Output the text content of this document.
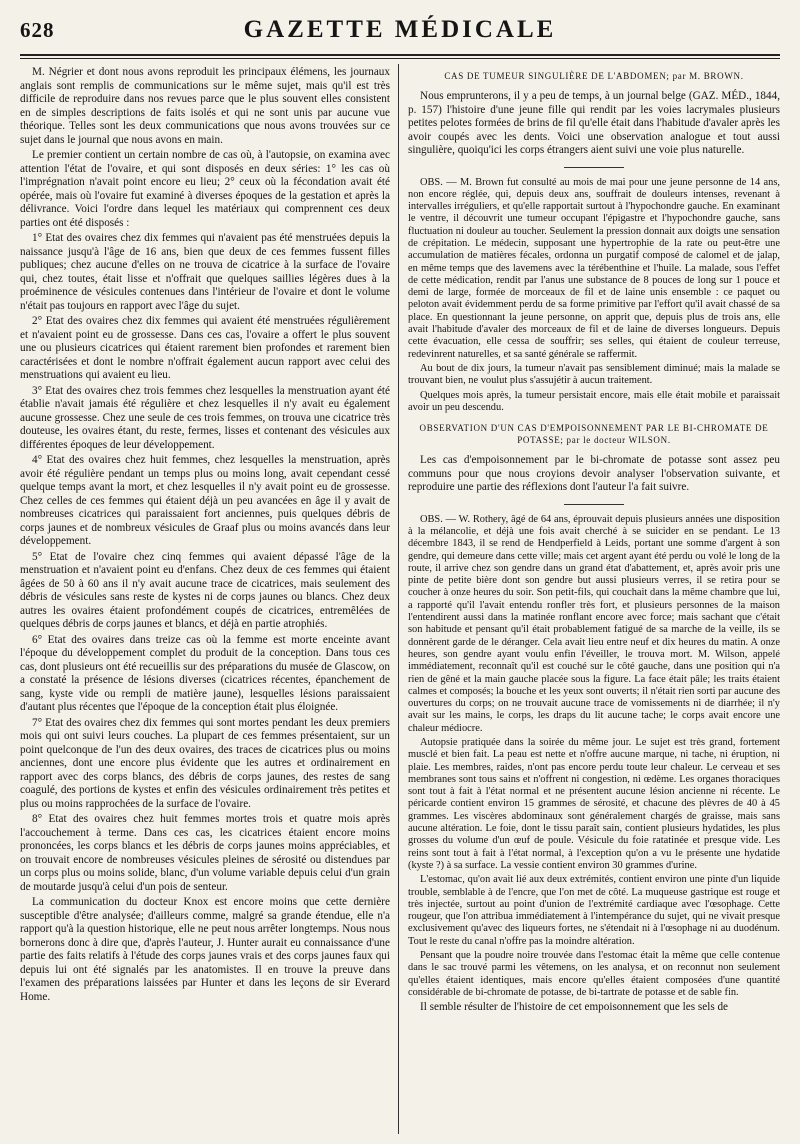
628	GAZETTE MÉDICALE

M. Négrier et dont nous avons reproduit les principaux élémens, les journaux anglais sont remplis de communications sur le même sujet, mais qu'il est très difficile de reproduire dans nos revues parce que le plus souvent elles consistent en de simples descriptions de faits isolés et qui ne sont unis par aucune vue théorique. Telles sont les deux communications que nous avons trouvées sur ce sujet dans le journal que nous avons en main.

Le premier contient un certain nombre de cas où, à l'autopsie, on examina avec attention l'état de l'ovaire, et qui sont disposés en deux séries: 1° les cas où l'imprégnation n'avait point encore eu lieu; 2° ceux où la fécondation avait été opérée, mais où l'ovaire fut examiné à diverses époques de la gestation et après la délivrance. Voici l'ordre dans lequel les matériaux qui comprennent ces deux parties ont été disposés :

1° Etat des ovaires chez dix femmes qui n'avaient pas été menstruées depuis la naissance jusqu'à l'âge de 16 ans, bien que deux de ces femmes fussent filles publiques; chez aucune d'elles on ne trouva de cicatrice à la surface de l'ovaire qui, chez toutes, était lisse et n'offrait que quelques saillies légères dues à la proéminence de vésicules contenues dans l'intérieur de l'ovaire et dont le volume n'était pas toujours en rapport avec l'âge du sujet.

2° Etat des ovaires chez dix femmes qui avaient été menstruées régulièrement et n'avaient point eu de grossesse. Dans ces cas, l'ovaire a offert le plus souvent une ou plusieurs cicatrices qui étaient rarement bien profondes et rarement bien caractérisées et dont le nombre n'offrait également aucun rapport avec celui des menstruations qui avaient eu lieu.

3° Etat des ovaires chez trois femmes chez lesquelles la menstruation ayant été établie n'avait jamais été régulière et chez lesquelles il n'y avait eu également aucune grossesse. Chez une seule de ces trois femmes, on trouva une cicatrice très douteuse, les ovaires étant, du reste, fermes, lisses et contenant des vésicules aux différentes époques de leur développement.

4° Etat des ovaires chez huit femmes, chez lesquelles la menstruation, après avoir été régulière pendant un temps plus ou moins long, avait cependant cessé quelque temps avant la mort, et chez lesquelles il n'y avait point eu de grossesse. Chez celles de ces femmes qui étaient déjà un peu avancées en âge il y avait de nombreuses cicatrices qui paraissaient fort anciennes, puis quelques débris de corps jaunes et de nombreux vésicules de Graaf plus ou moins avancés dans leur développement.

5° Etat de l'ovaire chez cinq femmes qui avaient dépassé l'âge de la menstruation et n'avaient point eu d'enfans. Chez deux de ces femmes qui étaient âgées de 50 à 60 ans il n'y avait aucune trace de cicatrices, mais seulement des débris de vésicules sans reste de kystes ni de corps jaunes ou blancs. Chez deux autres les ovaires étaient profondément coupés de cicatrices, entremêlées de quelques débris de corps jaunes et blancs, et déjà en partie atrophiés.

6° Etat des ovaires dans treize cas où la femme est morte enceinte avant l'époque du développement complet du produit de la conception. Dans tous ces cas, dont plusieurs ont été recueillis sur des préparations du musée de Glascow, on a constaté la présence de lésions diverses (cicatrices récentes, épanchement de sang, kyste vide ou rempli de matière jaune), lesquelles lésions paraissaient d'autant plus récentes que l'époque de la conception était plus éloignée.

7° Etat des ovaires chez dix femmes qui sont mortes pendant les deux premiers mois qui ont suivi leurs couches. La plupart de ces femmes présentaient, sur un point quelconque de l'un des deux ovaires, des traces de cicatrices plus ou moins anciennes, dont une encore plus évidente que les autres et ordinairement en rapport avec des corps blancs, des débris de corps jaunes, des restes de sang coagulé, des portions de kystes et enfin des vésicules ordinairement très petites et plus ou moins rapprochées de la surface de l'ovaire.

8° Etat des ovaires chez huit femmes mortes trois et quatre mois après l'accouchement à terme. Dans ces cas, les cicatrices étaient encore moins prononcées, les corps blancs et les débris de corps jaunes moins appréciables, et on trouvait encore de nombreuses vésicules pleines de sérosité ou distendues par un corps plus ou moins solide, blanc, d'un volume variable depuis celui d'un grain de moutarde jusqu'à celui d'un pois de senteur.

La communication du docteur Knox est encore moins que cette dernière susceptible d'être analysée; d'ailleurs comme, malgré sa grande étendue, elle n'a rapport qu'à la question historique, elle ne peut nous arrêter longtemps. Nous nous bornerons donc à dire que, d'après l'auteur, J. Hunter aurait eu connaissance d'une partie des faits relatifs à l'étude des corps jaunes vrais et des corps jaunes faux qui depuis lui ont été signalés par les anatomistes. Il en trouve la preuve dans l'examen des préparations laissées par Hunter et dans les leçons de sir Everard Home.

CAS DE TUMEUR SINGULIÈRE DE L'ABDOMEN; par M. BROWN.

Nous emprunterons, il y a peu de temps, à un journal belge (GAZ. MÉD., 1844, p. 157) l'histoire d'une jeune fille qui rendit par les voies lacrymales plusieurs petites pelotes formées de brins de fil qu'elle était dans l'habitude d'avaler après les avoir coupés avec les dents. Voici une observation analogue et tout aussi singulière, quoiqu'ici les corps étrangers aient suivi une voie plus naturelle.

OBS. — M. Brown fut consulté au mois de mai pour une jeune personne de 14 ans, non encore réglée, qui, depuis deux ans, souffrait de douleurs intenses, revenant à intervalles irréguliers, et qu'elle rapportait surtout à l'hypochondre gauche. En examinant le ventre, il découvrit une tumeur occupant l'épigastre et l'hypochondre gauche, sans fluctuation ni douleur au toucher. Seulement la pression donnait aux doigts une sensation de crépitation. Le médecin, supposant une hypertrophie de la rate ou peut-être une accumulation de matières fécales, ordonna un purgatif composé de calomel et de jalap, en même temps que des lavemens avec la térébenthine et l'huile. La malade, sous l'effet de cette médication, rendit par l'anus une substance de 8 pouces de long sur 1 pouce et demi de large, formée de morceaux de fil et de laine unis ensemble : ce paquet ou peloton avait évidemment perdu de sa forme primitive par l'effort qu'il avait chassé de sa place. En questionnant la jeune personne, on apprit que, depuis plus de trois ans, elle avait l'habitude d'avaler des morceaux de fil et de laine de diverses longueurs. Depuis cette évacuation, elle cessa de souffrir; ses selles, qui étaient de couleur terreuse, redevinrent naturelles, et sa santé générale se raffermit.

Au bout de dix jours, la tumeur n'avait pas sensiblement diminué; mais la malade se trouvant bien, ne voulut plus s'assujétir à aucun traitement.

Quelques mois après, la tumeur persistait encore, mais elle était mobile et paraissait avoir un peu descendu.

OBSERVATION D'UN CAS D'EMPOISONNEMENT PAR LE BI-CHROMATE DE POTASSE; par le docteur WILSON.

Les cas d'empoisonnement par le bi-chromate de potasse sont assez peu communs pour que nous croyions devoir analyser l'observation suivante, et reproduire une partie des réflexions dont l'auteur l'a fait suivre.

OBS. — W. Rothery, âgé de 64 ans, éprouvait depuis plusieurs années une disposition à la mélancolie, et déjà une fois avait cherché à se suicider en se pendant. Le 13 décembre 1843, il se rend de Hendperfield à Leids, portant une somme d'argent à son gendre, qui demeure dans cette ville; mais cet argent ayant été perdu ou volé le long de la route, il arrive chez son gendre dans un grand état d'abattement, et, après avoir pris une pinte de petite bière dont son gendre but aussi plusieurs verres, il se retira pour se coucher à onze heures du soir. Son petit-fils, qui couchait dans la même chambre que lui, a rapporté qu'il l'avait entendu ronfler très fort, et plusieurs personnes de la maison l'entendirent aussi dans la matinée ronflant encore avec force; mais sachant que c'était son habitude et pensant qu'il était probablement fatigué de sa marche de la veille, ils se donnèrent garde de le déranger. Cela avait lieu entre neuf et dix heures du matin. A onze heures, son gendre ayant voulu enfin l'éveiller, le trouva mort. M. Wilson, appelé immédiatement, reconnaît qu'il est couché sur le côté gauche, dans une position qui n'a rien de gêné et la main gauche placée sous la figure. La face était pâle; les traits étaient calmes et composés; la bouche et les yeux sont ouverts; il n'était rien sorti par aucune des ouvertures du corps; on ne trouvait aucune trace de vomissements ni de diarrhée; il n'y avait sur les mains, le corps, les draps du lit aucune tache; le corps avait encore une chaleur médiocre.

Autopsie pratiquée dans la soirée du même jour. Le sujet est très grand, fortement musclé et bien fait. La peau est nette et n'offre aucune marque, ni tache, ni éruption, ni plaie. Les membres, raides, n'ont pas encore perdu toute leur chaleur. Le cerveau et ses membranes sont tous sains et n'offrent ni congestion, ni œdème. Les organes thoraciques sont tout à fait à l'état normal et ne présentent aucune lésion ancienne ni récente. Le péricarde contient environ 15 grammes de sérosité, et chacune des plèvres de 40 à 45 grammes. Les viscères abdominaux sont généralement chargés de graisse, mais sans aucune altération. Le foie, dont le tissu paraît sain, contient plusieurs hydatides, les plus grosses du volume d'un œuf de poule. Vésicule du foie ratatinée et presque vide. Les reins sont tout à fait à l'état normal, à l'exception qu'on a vu le présente une hydatide (kyste ?) à sa surface. La vessie contient environ 30 grammes d'urine.

L'estomac, qu'on avait lié aux deux extrémités, contient environ une pinte d'un liquide trouble, semblable à de l'encre, que l'on met de côté. La muqueuse gastrique est rouge et très injectée, surtout au point d'union de l'extrémité cardiaque avec l'œsophage. Cette rougeur, que l'on attribua immédiatement à l'intempérance du sujet, qui ne vivait presque exclusivement qu'avec des liqueurs fortes, ne s'étendait ni à l'œsophage ni au duodénum. Tout le reste du canal n'offre pas la moindre altération.

Pensant que la poudre noire trouvée dans l'estomac était la même que celle contenue dans le sac trouvé parmi les vêtemens, on les analysa, et on reconnut non seulement qu'elles étaient identiques, mais encore qu'elles étaient composées d'une quantité considérable de bi-chromate de potasse, de bi-tartrate de potasse et de sable fin.

Il semble résulter de l'histoire de cet empoisonnement que les sels de
